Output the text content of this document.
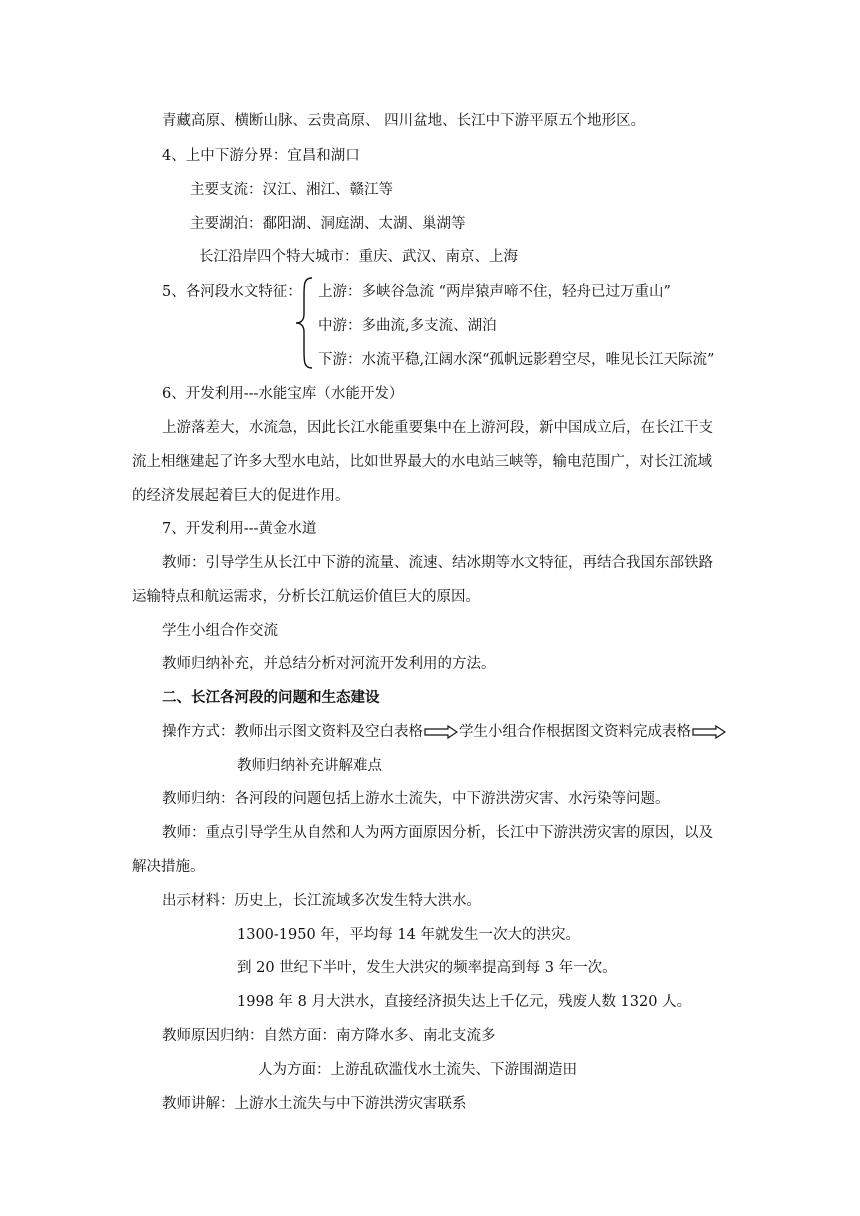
青藏高原、横断山脉、云贵高原、 四川盆地、长江中下游平原五个地形区。
4、上中下游分界：宜昌和湖口
主要支流：汉江、湘江、赣江等
主要湖泊：鄱阳湖、洞庭湖、太湖、巢湖等
长江沿岸四个特大城市：重庆、武汉、南京、上海
5、各河段水文特征： 上游：多峡谷急流 “两岸猿声啼不住，轻舟已过万重山”
中游：多曲流,多支流、湖泊
下游：水流平稳,江阔水深“孤帆远影碧空尽，唯见长江天际流”
6、开发利用---水能宝库（水能开发）
上游落差大，水流急，因此长江水能重要集中在上游河段，新中国成立后，在长江干支
流上相继建起了许多大型水电站，比如世界最大的水电站三峡等，输电范围广，对长江流域
的经济发展起着巨大的促进作用。
7、开发利用---黄金水道
教师：引导学生从长江中下游的流量、流速、结冰期等水文特征，再结合我国东部铁路
运输特点和航运需求，分析长江航运价值巨大的原因。
学生小组合作交流
教师归纳补充，并总结分析对河流开发利用的方法。
二、长江各河段的问题和生态建设
操作方式：教师出示图文资料及空白表格 学生小组合作根据图文资料完成表格
教师归纳补充讲解难点
教师归纳：各河段的问题包括上游水土流失，中下游洪涝灾害、水污染等问题。
教师：重点引导学生从自然和人为两方面原因分析，长江中下游洪涝灾害的原因，以及
解决措施。
出示材料：历史上，长江流域多次发生特大洪水。
1300-1950 年，平均每 14 年就发生一次大的洪灾。
到 20 世纪下半叶，发生大洪灾的频率提高到每 3 年一次。
1998 年 8 月大洪水，直接经济损失达上千亿元，残废人数 1320 人。
教师原因归纳：自然方面：南方降水多、南北支流多
人为方面：上游乱砍滥伐水土流失、下游围湖造田
教师讲解：上游水土流失与中下游洪涝灾害联系
